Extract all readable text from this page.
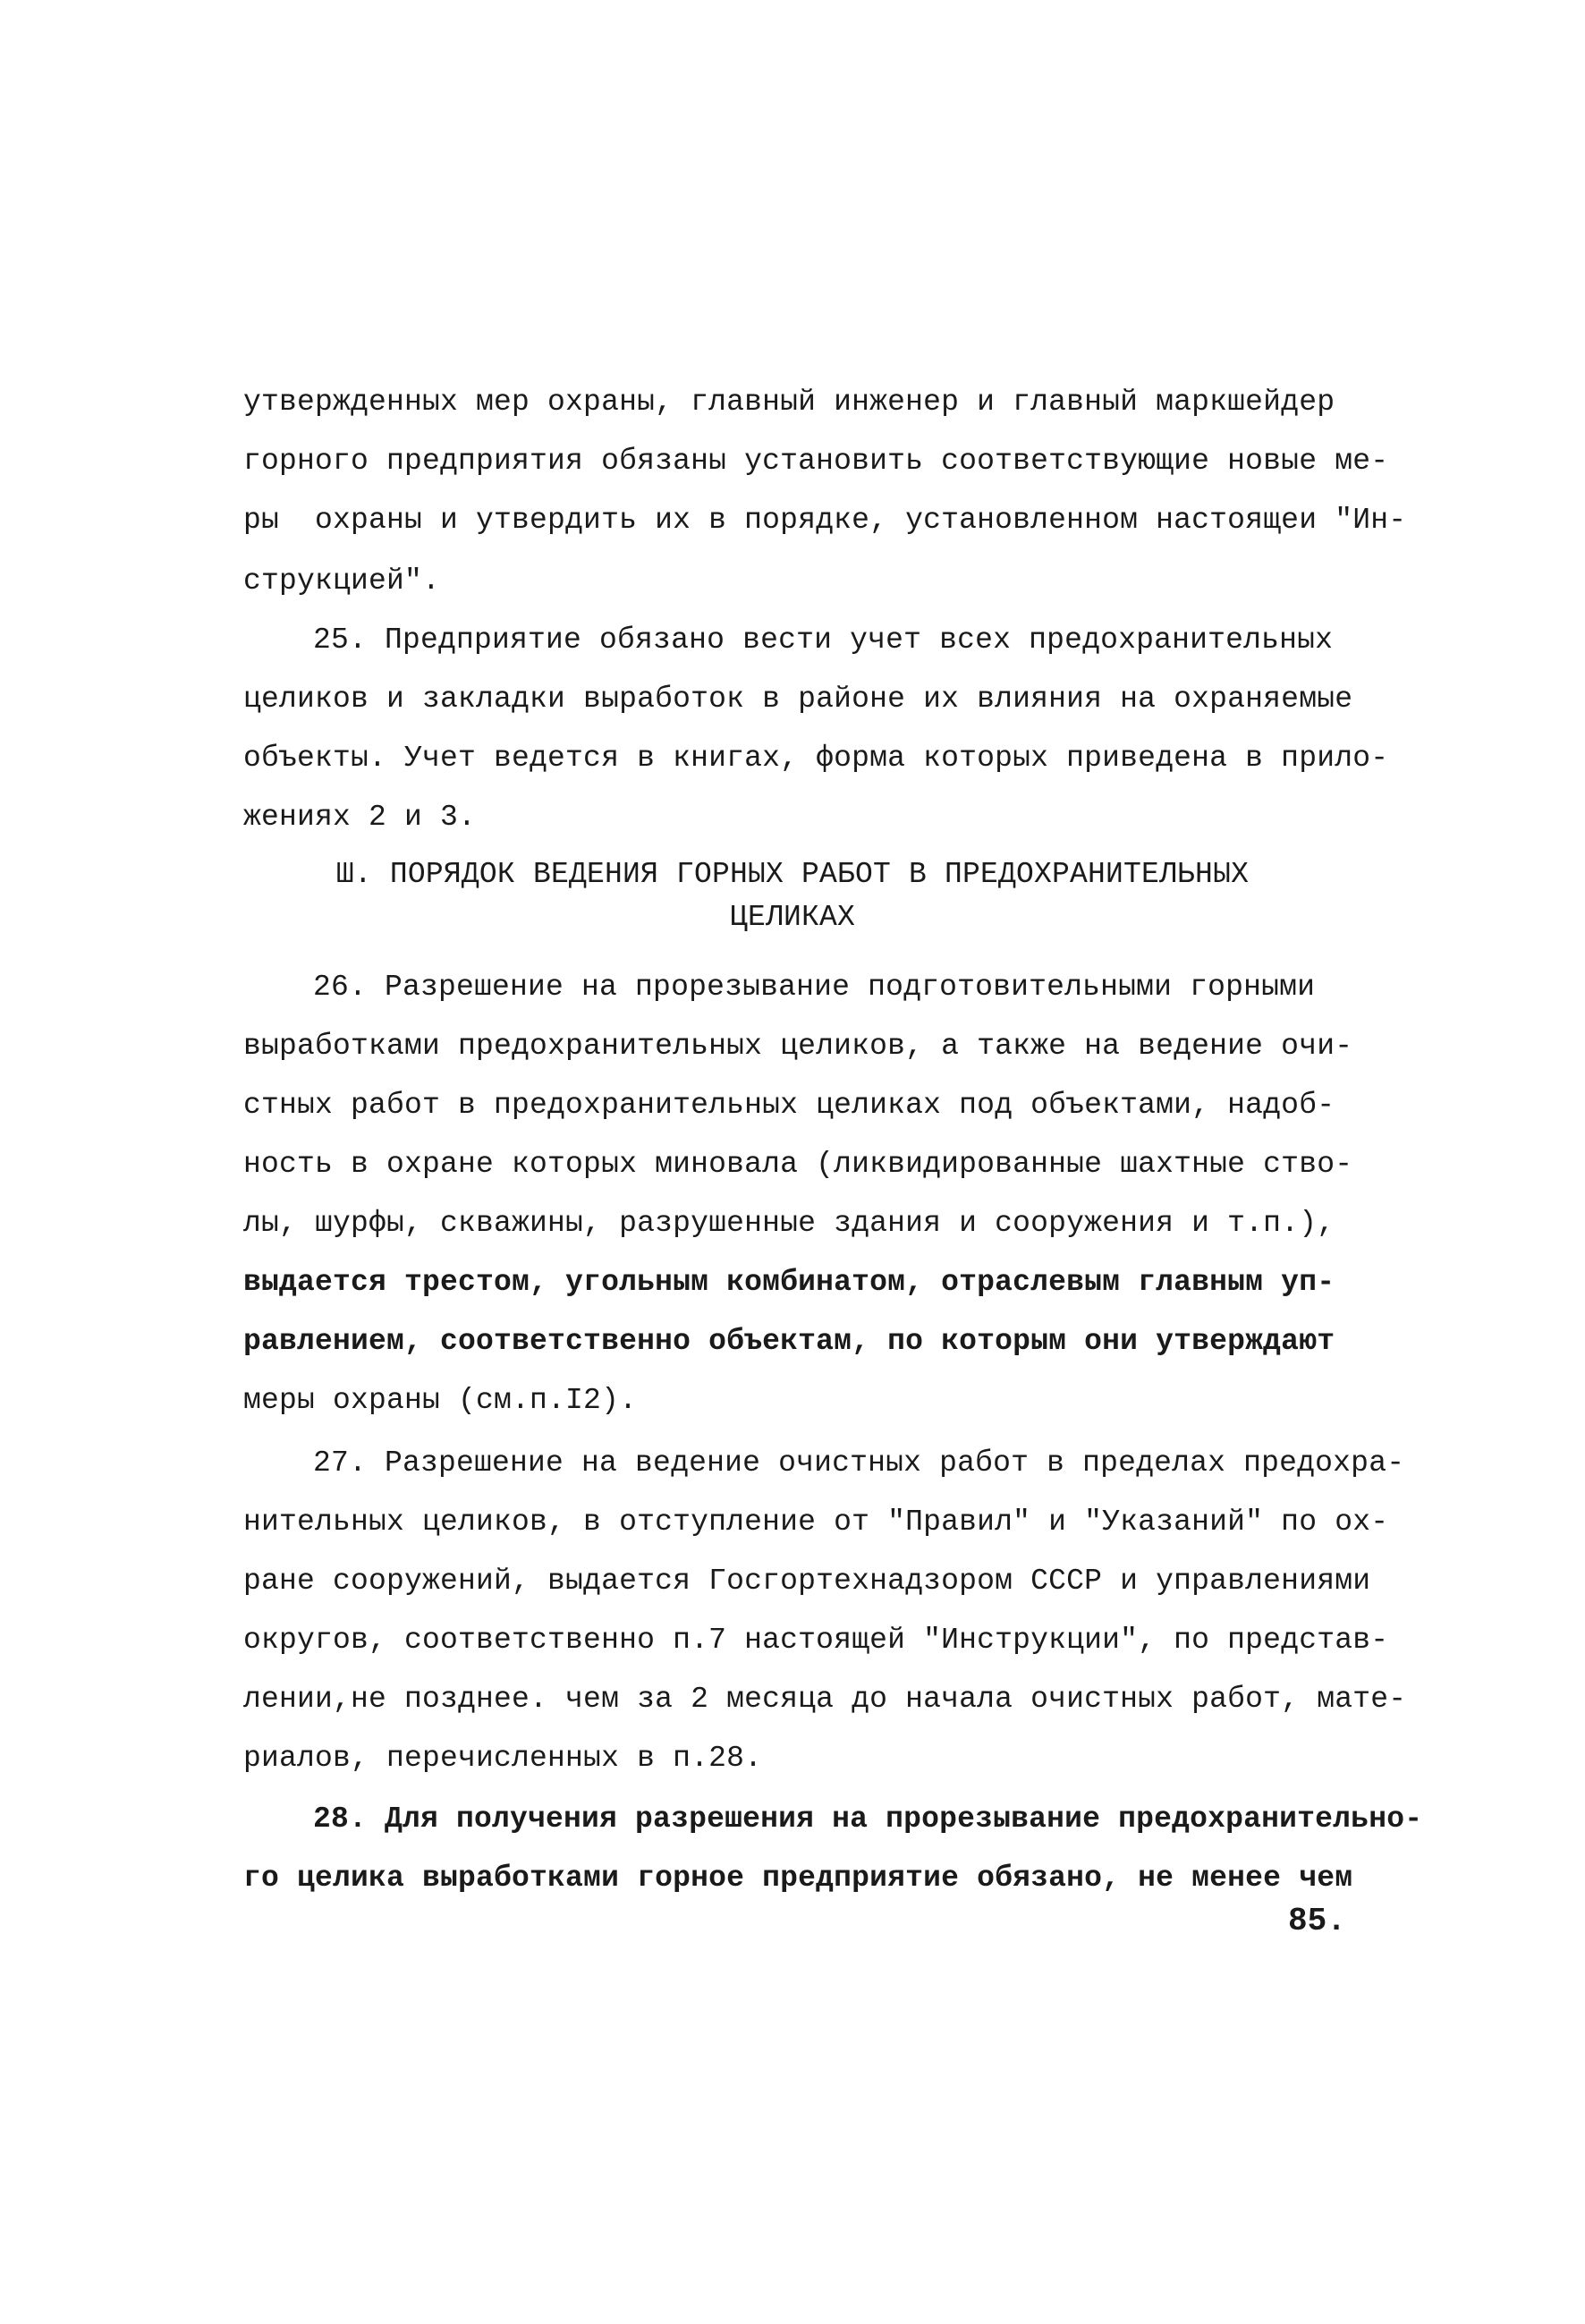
утвержденных мер охраны, главный инженер и главный маркшейдер
горного предприятия обязаны установить соответствующие новые ме-
ры  охраны и утвердить их в порядке, установленном настоящеи "Ин-
струкцией".
25. Предприятие обязано вести учет всех предохранительных
целиков и закладки выработок в районе их влияния на охраняемые
объекты. Учет ведется в книгах, форма которых приведена в прило-
жениях 2 и 3.
Ш. ПОРЯДОК ВЕДЕНИЯ ГОРНЫХ РАБОТ В ПРЕДОХРАНИТЕЛЬНЫХ
ЦЕЛИКАХ
26. Разрешение на прорезывание подготовительными горными
выработками предохранительных целиков, а также на ведение очи-
стных работ в предохранительных целиках под объектами, надоб-
ность в охране которых миновала (ликвидированные шахтные ство-
лы, шурфы, скважины, разрушенные здания и сооружения и т.п.),
выдается трестом, угольным комбинатом, отраслевым главным уп-
равлением, соответственно объектам, по которым они утверждают
меры охраны (см.п.I2).
27. Разрешение на ведение очистных работ в пределах предохра-
нительных целиков, в отступление от "Правил" и "Указаний" по ох-
ране сооружений, выдается Госгортехнадзором СССР и управлениями
округов, соответственно п.7 настоящей "Инструкции", по представ-
лении,не позднее. чем за 2 месяца до начала очистных работ, мате-
риалов, перечисленных в п.28.
28. Для получения разрешения на прорезывание предохранительно-
го целика выработками горное предприятие обязано, не менее чем
85.
